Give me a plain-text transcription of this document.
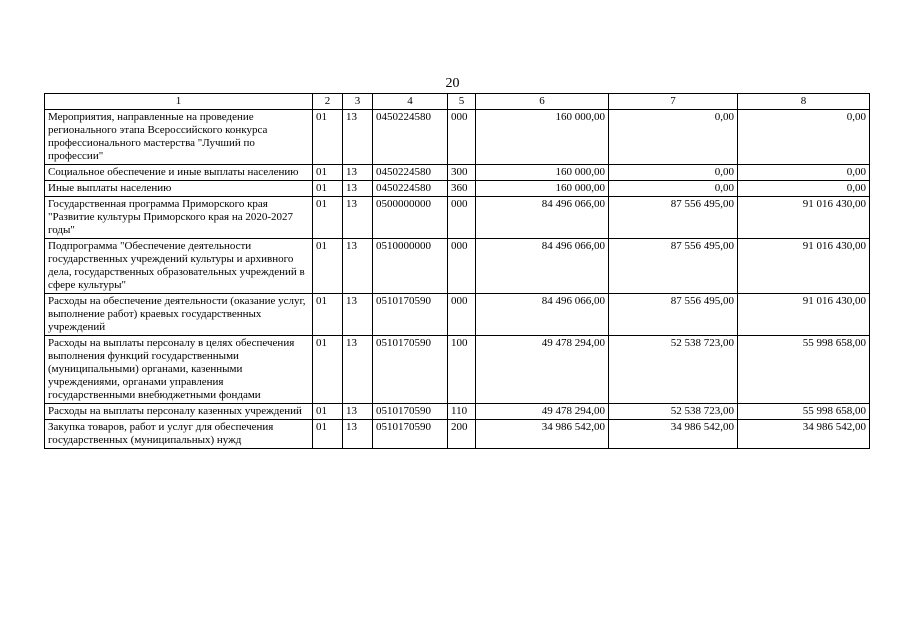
20
1	2	3	4	5	6	7	8
Мероприятия, направленные на проведение регионального этапа Всероссийского конкурса профессионального мастерства "Лучший по профессии"	01	13	0450224580	000	160 000,00	0,00	0,00
Социальное обеспечение и иные выплаты населению	01	13	0450224580	300	160 000,00	0,00	0,00
Иные выплаты населению	01	13	0450224580	360	160 000,00	0,00	0,00
Государственная программа Приморского края "Развитие культуры Приморского края на 2020-2027 годы"	01	13	0500000000	000	84 496 066,00	87 556 495,00	91 016 430,00
Подпрограмма "Обеспечение деятельности государственных учреждений культуры и архивного дела, государственных образовательных учреждений в сфере культуры"	01	13	0510000000	000	84 496 066,00	87 556 495,00	91 016 430,00
Расходы на обеспечение деятельности (оказание услуг, выполнение работ) краевых государственных учреждений	01	13	0510170590	000	84 496 066,00	87 556 495,00	91 016 430,00
Расходы на выплаты персоналу в целях обеспечения выполнения функций государственными (муниципальными) органами, казенными учреждениями, органами управления государственными внебюджетными фондами	01	13	0510170590	100	49 478 294,00	52 538 723,00	55 998 658,00
Расходы на выплаты персоналу казенных учреждений	01	13	0510170590	110	49 478 294,00	52 538 723,00	55 998 658,00
Закупка товаров, работ и услуг для обеспечения государственных (муниципальных) нужд	01	13	0510170590	200	34 986 542,00	34 986 542,00	34 986 542,00
